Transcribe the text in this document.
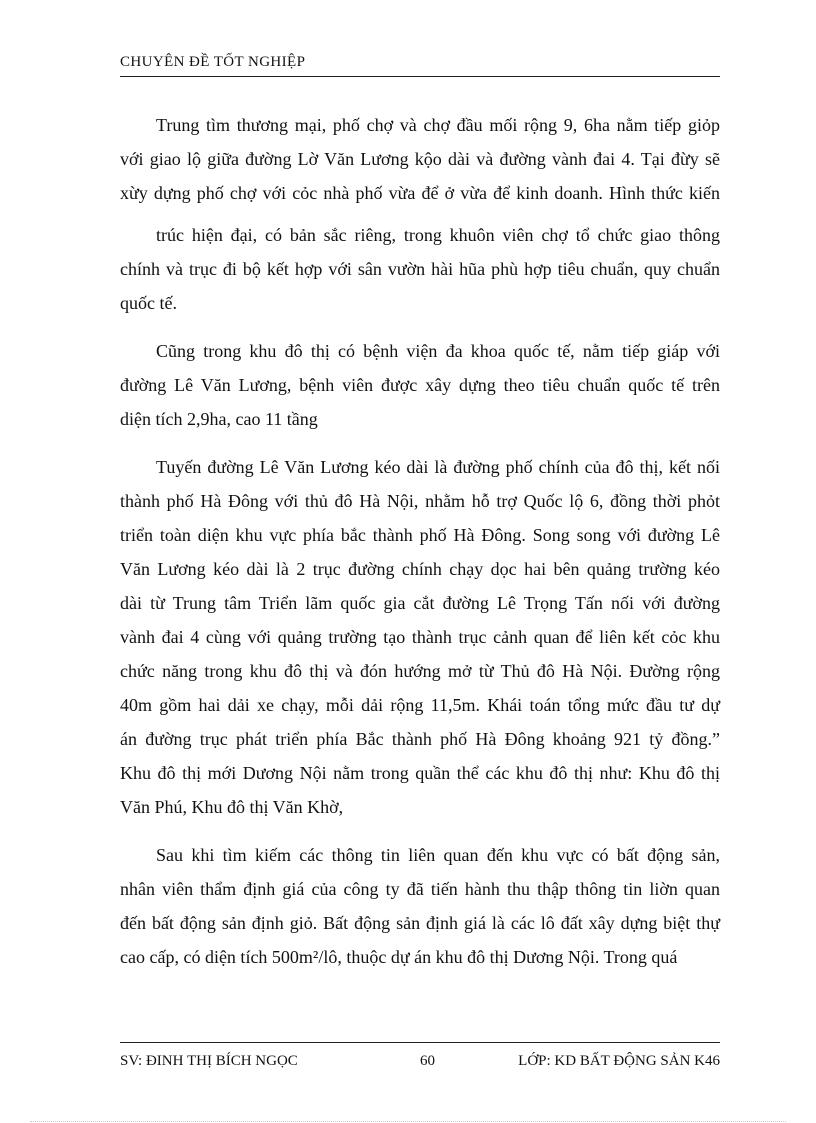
CHUYÊN ĐỀ TỐT NGHIỆP
Trung tìm thương mại, phố chợ và chợ đầu mối rộng 9, 6ha nằm tiếp giỏp
với giao lộ giữa đường Lờ Văn Lương kộo dài và đường vành đai 4. Tại đừy sẽ
xừy dựng phố chợ với cỏc nhà phố vừa để ở vừa để kinh doanh. Hình thức kiến
trúc hiện đại, có bản sắc riêng, trong khuôn viên chợ tổ chức giao thông
chính và trục đi bộ kết hợp với sân vườn hài hũa phù hợp tiêu chuẩn, quy chuẩn
quốc tế.
Cũng trong khu đô thị có bệnh viện đa khoa quốc tế, nằm tiếp giáp với
đường Lê Văn Lương, bệnh viên được xây dựng theo tiêu chuẩn quốc tế trên
diện tích 2,9ha, cao 11 tầng
Tuyến đường Lê Văn Lương kéo dài là đường phố chính của đô thị, kết nối
thành phố Hà Đông với thủ đô Hà Nội, nhằm hỗ trợ Quốc lộ 6, đồng thời phỏt
triển toàn diện khu vực phía bắc thành phố Hà Đông. Song song với đường Lê
Văn Lương kéo dài là 2 trục đường chính chạy dọc hai bên quảng trường kéo
dài từ Trung tâm Triển lãm quốc gia cắt đường Lê Trọng Tấn nối với đường
vành đai 4 cùng với quảng trường tạo thành trục cảnh quan để liên kết cỏc khu
chức năng trong khu đô thị và đón hướng mở từ Thủ đô Hà Nội. Đường rộng
40m gồm hai dải xe chạy, mỗi dải rộng 11,5m. Khái toán tổng mức đầu tư dự
án đường trục phát triển phía Bắc thành phố Hà Đông khoảng 921 tỷ đồng.”
Khu đô thị mới Dương Nội nằm trong quần thể các khu đô thị như: Khu đô thị
Văn Phú, Khu đô thị Văn Khờ,
Sau khi tìm kiếm các thông tin liên quan đến khu vực có bất động sản,
nhân viên thẩm định giá của công ty đã tiến hành thu thập thông tin liờn quan
đến bất động sản định giỏ. Bất động sản định giá là các lô đất xây dựng biệt thự
cao cấp, có diện tích 500m²/lô, thuộc dự án khu đô thị Dương Nội. Trong quá
SV: ĐINH THỊ BÍCH NGỌC	60	LỚP: KD BẤT ĐỘNG SẢN K46
